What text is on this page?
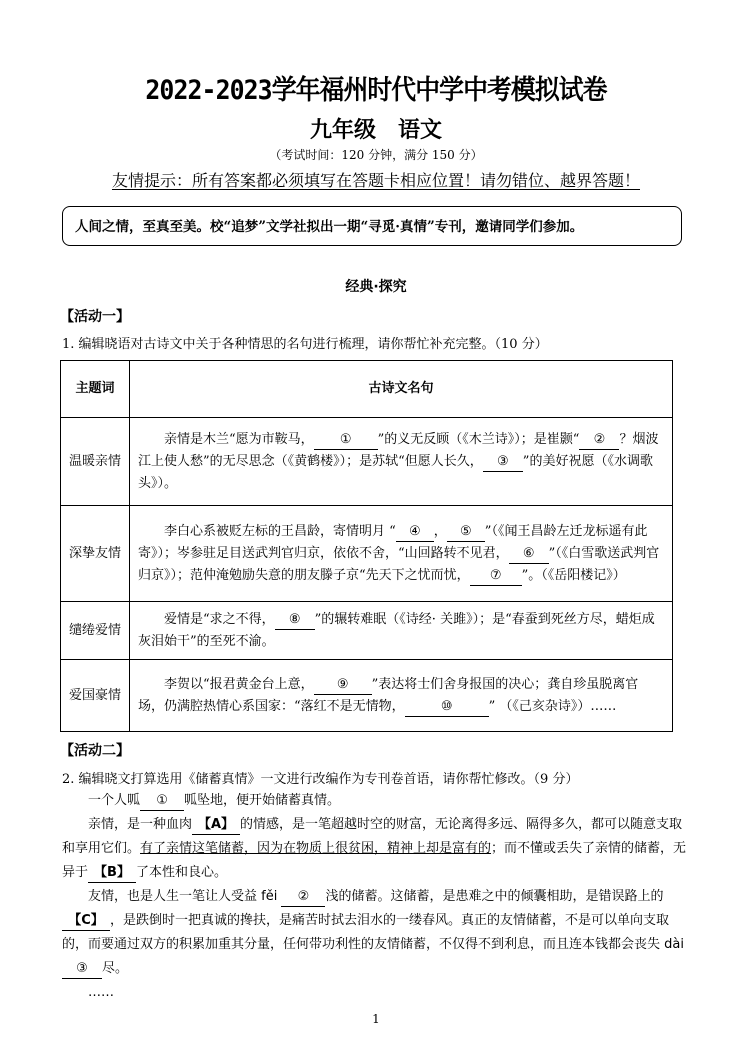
2022-2023学年福州时代中学中考模拟试卷
九年级 语文
（考试时间：120 分钟，满分 150 分）
友情提示：所有答案都必须填写在答题卡相应位置！请勿错位、越界答题！
人间之情，至真至美。校“追梦”文学社拟出一期“寻觅·真情”专刊，邀请同学们参加。
经典·探究
【活动一】
1. 编辑晓语对古诗文中关于各种情思的名句进行梳理，请你帮忙补充完整。（10 分）
主题词	古诗文名句
温暖亲情	  亲情是木兰“愿为市鞍马， ① ”的义无反顾（《木兰诗》）；是崔颢“ ② ？烟波江上使人愁”的无尽思念（《黄鹤楼》）；是苏轼“但愿人长久， ③ ”的美好祝愿（《水调歌头》）。
深挚友情	  李白心系被贬左标的王昌龄，寄情明月 “ ④ ， ⑤ ”（《闻王昌龄左迁龙标遥有此寄》）；岑参驻足目送武判官归京，依依不舍，“山回路转不见君， ⑥ ”（《白雪歌送武判官归京》）；范仲淹勉励失意的朋友滕子京“先天下之忧而忧， ⑦ ”。（《岳阳楼记》）
缱绻爱情	  爱情是“求之不得， ⑧ ”的辗转难眠（《诗经· 关雎》）；是“春蚕到死丝方尽，蜡炬成灰泪始干”的至死不渝。
爱国豪情	  李贺以“报君黄金台上意， ⑨ ”表达将士们舍身报国的决心；龚自珍虽脱离官场，仍满腔热情心系国家：“落红不是无情物， ⑩ ” （《己亥杂诗》）……
【活动二】
2. 编辑晓文打算选用《储蓄真情》一文进行改编作为专刊卷首语，请你帮忙修改。（9 分）
  一个人呱 ① 呱坠地，便开始储蓄真情。
  亲情，是一种血肉 【A】 的情感，是一笔超越时空的财富，无论离得多远、隔得多久，都可以随意支取和享用它们。有了亲情这笔储蓄，因为在物质上很贫困，精神上却是富有的；而不懂或丢失了亲情的储蓄，无异于 【B】 了本性和良心。
  友情，也是人生一笔让人受益 fěi ② 浅的储蓄。这储蓄，是患难之中的倾囊相助，是错误路上的【C】 ，是跌倒时一把真诚的搀扶，是痛苦时拭去泪水的一缕春风。真正的友情储蓄，不是可以单向支取的，而要通过双方的积累加重其分量，任何带功利性的友情储蓄，不仅得不到利息，而且连本钱都会丧失 dài ③ 尽。
……
1
